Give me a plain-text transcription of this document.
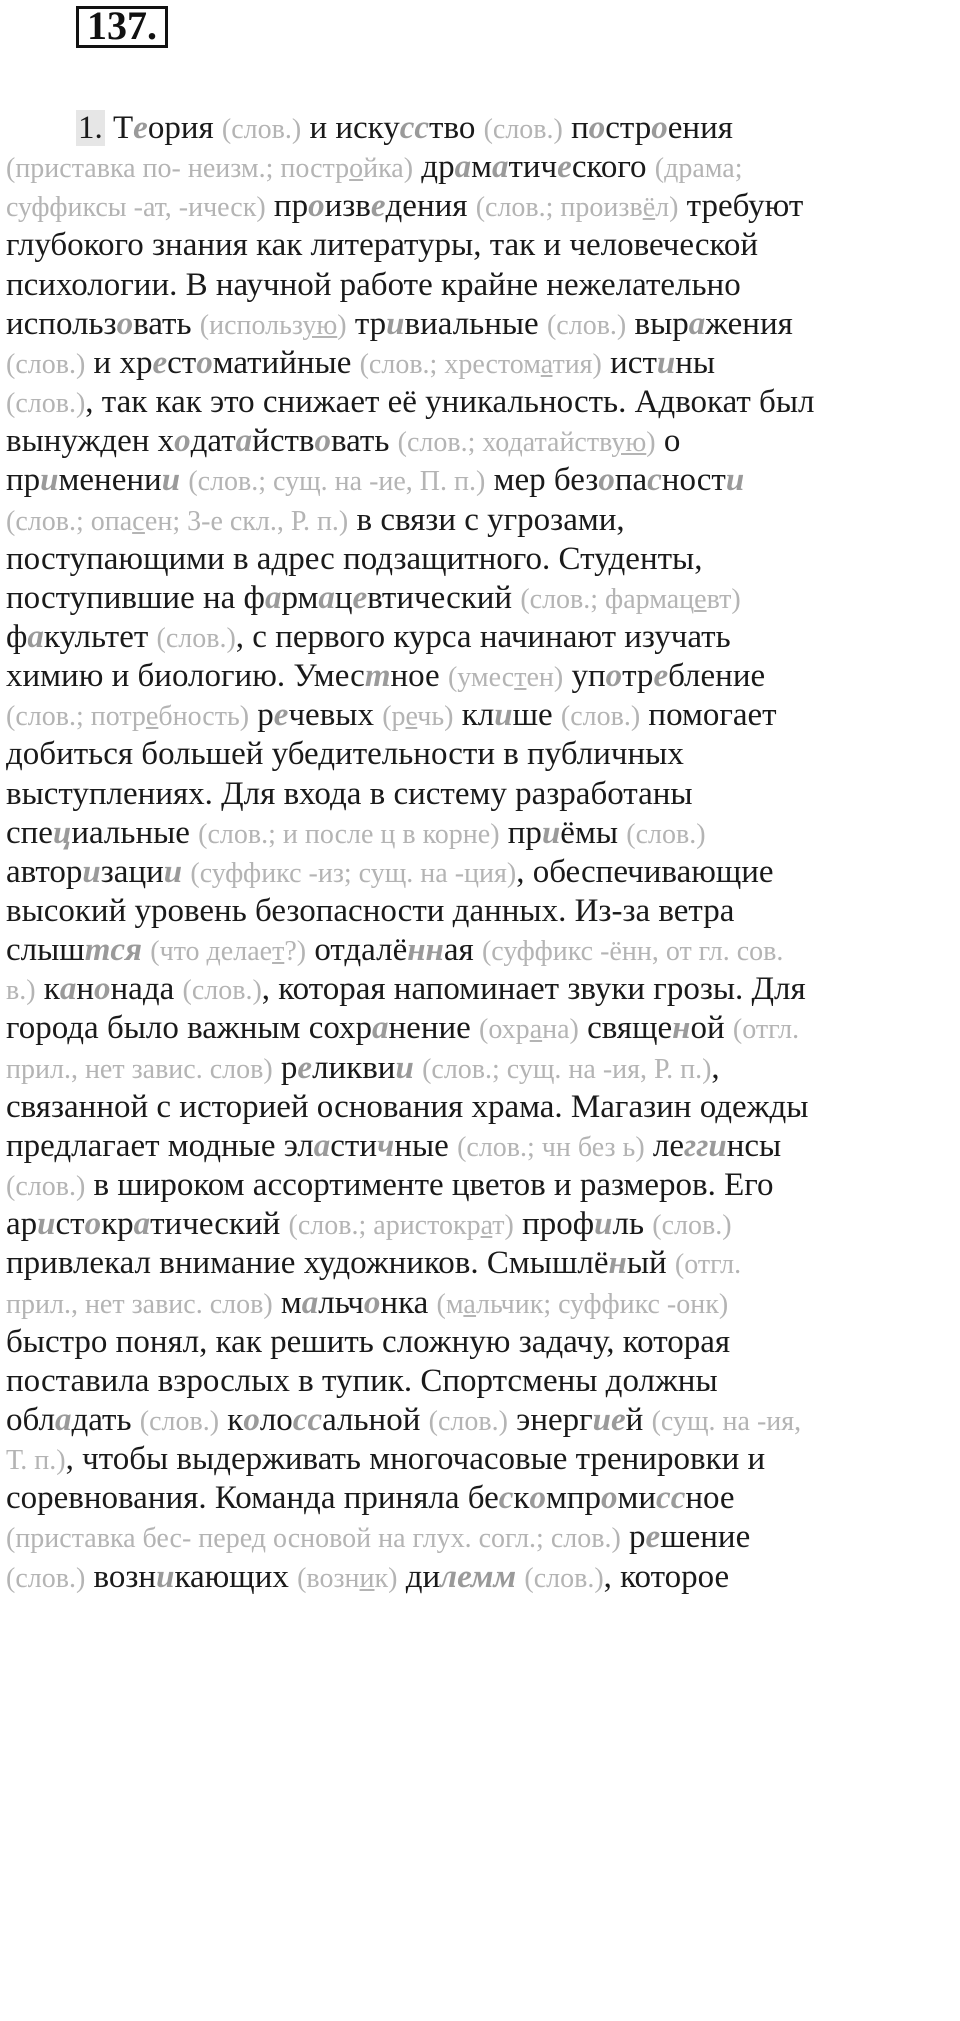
137.
1. Теория (слов.) и искусство (слов.) построения
(приставка по- неизм.; постройка) драматического (драма;
суффиксы -ат, -ическ) произведения (слов.; произвёл) требуют
глубокого знания как литературы, так и человеческой
психологии. В научной работе крайне нежелательно
использовать (использую) тривиальные (слов.) выражения
(слов.) и хрестоматийные (слов.; хрестоматия) истины
(слов.), так как это снижает её уникальность. Адвокат был
вынужден ходатайствовать (слов.; ходатайствую) о
применении (слов.; сущ. на -ие, П. п.) мер безопасности
(слов.; опасен; 3-е скл., Р. п.) в связи с угрозами,
поступающими в адрес подзащитного. Студенты,
поступившие на фармацевтический (слов.; фармацевт)
факультет (слов.), с первого курса начинают изучать
химию и биологию. Уместное (уместен) употребление
(слов.; потребность) речевых (речь) клише (слов.) помогает
добиться большей убедительности в публичных
выступлениях. Для входа в систему разработаны
специальные (слов.; и после ц в корне) приёмы (слов.)
авторизации (суффикс -из; сущ. на -ция), обеспечивающие
высокий уровень безопасности данных. Из-за ветра
слыштся (что делает?) отдалённая (суффикс -ённ, от гл. сов.
в.) канонада (слов.), которая напоминает звуки грозы. Для
города было важным сохранение (охрана) священой (отгл.
прил., нет завис. слов) реликвии (слов.; сущ. на -ия, Р. п.),
связанной с историей основания храма. Магазин одежды
предлагает модные эластичные (слов.; чн без ь) леггинсы
(слов.) в широком ассортименте цветов и размеров. Его
аристократический (слов.; аристократ) профиль (слов.)
привлекал внимание художников. Смышлёный (отгл.
прил., нет завис. слов) мальчонка (мальчик; суффикс -онк)
быстро понял, как решить сложную задачу, которая
поставила взрослых в тупик. Спортсмены должны
обладать (слов.) колоссальной (слов.) энергией (сущ. на -ия,
Т. п.), чтобы выдерживать многочасовые тренировки и
соревнования. Команда приняла бескомпромиссное
(приставка бес- перед основой на глух. согл.; слов.) решение
(слов.) возникающих (возник) дилемм (слов.), которое
